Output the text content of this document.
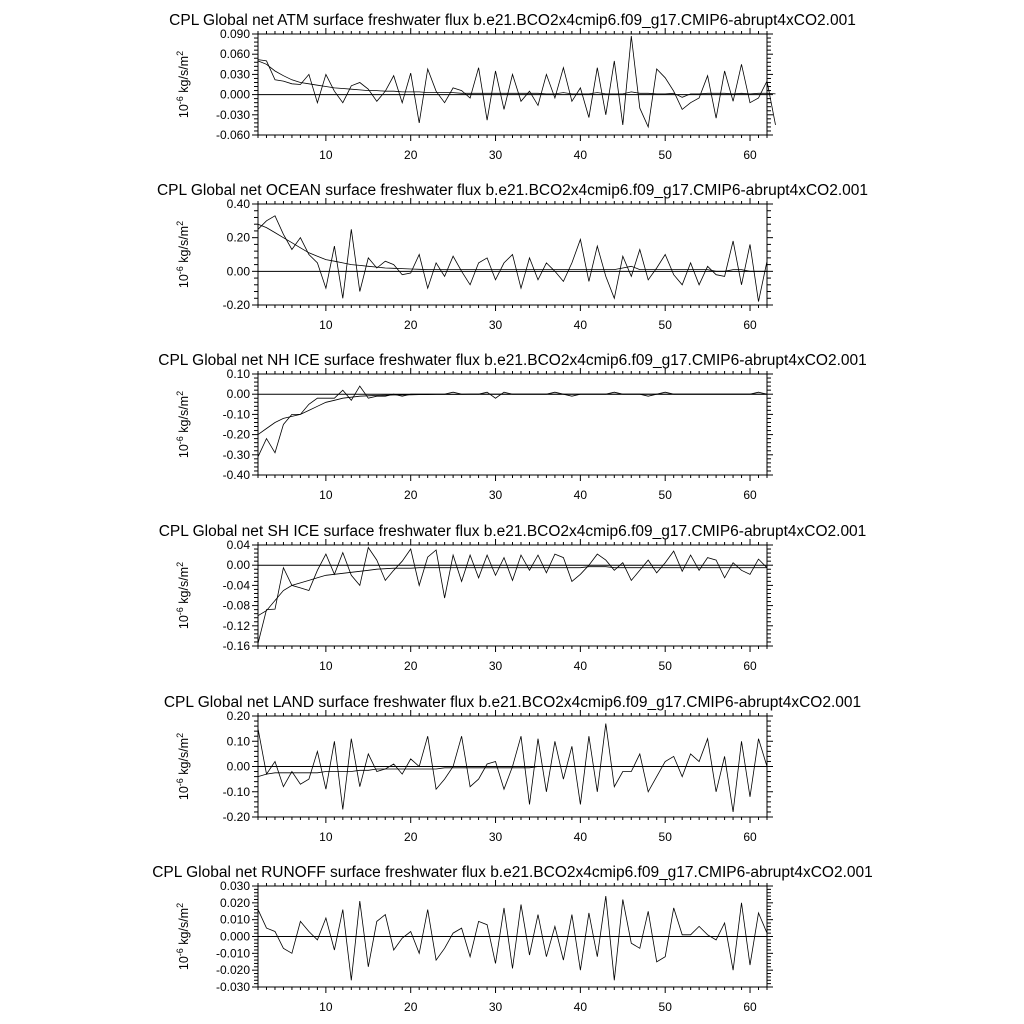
CPL Global net ATM surface freshwater flux b.e21.BCO2x4cmip6.f09_g17.CMIP6-abrupt4xCO2.001
0.090
0.060
0.030
0.000
-0.030
-0.060
10	20	30	40	50	60
$10^{-6}$ $kg/s/m^2$
CPL Global net OCEAN surface freshwater flux b.e21.BCO2x4cmip6.f09_g17.CMIP6-abrupt4xCO2.001
0.40
0.20
0.00
-0.20
10	20	30	40	50	60
$10^{-6}$ $kg/s/m^2$
CPL Global net NH ICE surface freshwater flux b.e21.BCO2x4cmip6.f09_g17.CMIP6-abrupt4xCO2.001
0.10
0.00
-0.10
-0.20
-0.30
-0.40
10	20	30	40	50	60
$10^{-6}$ $kg/s/m^2$
CPL Global net SH ICE surface freshwater flux b.e21.BCO2x4cmip6.f09_g17.CMIP6-abrupt4xCO2.001
0.04
0.00
-0.04
-0.08
-0.12
-0.16
10	20	30	40	50	60
$10^{-6}$ $kg/s/m^2$
CPL Global net LAND surface freshwater flux b.e21.BCO2x4cmip6.f09_g17.CMIP6-abrupt4xCO2.001
0.20
0.10
0.00
-0.10
-0.20
10	20	30	40	50	60
$10^{-6}$ $kg/s/m^2$
CPL Global net RUNOFF surface freshwater flux b.e21.BCO2x4cmip6.f09_g17.CMIP6-abrupt4xCO2.001
0.030
0.020
0.010
0.000
-0.010
-0.020
-0.030
10	20	30	40	50	60
$10^{-6}$ $kg/s/m^2$
